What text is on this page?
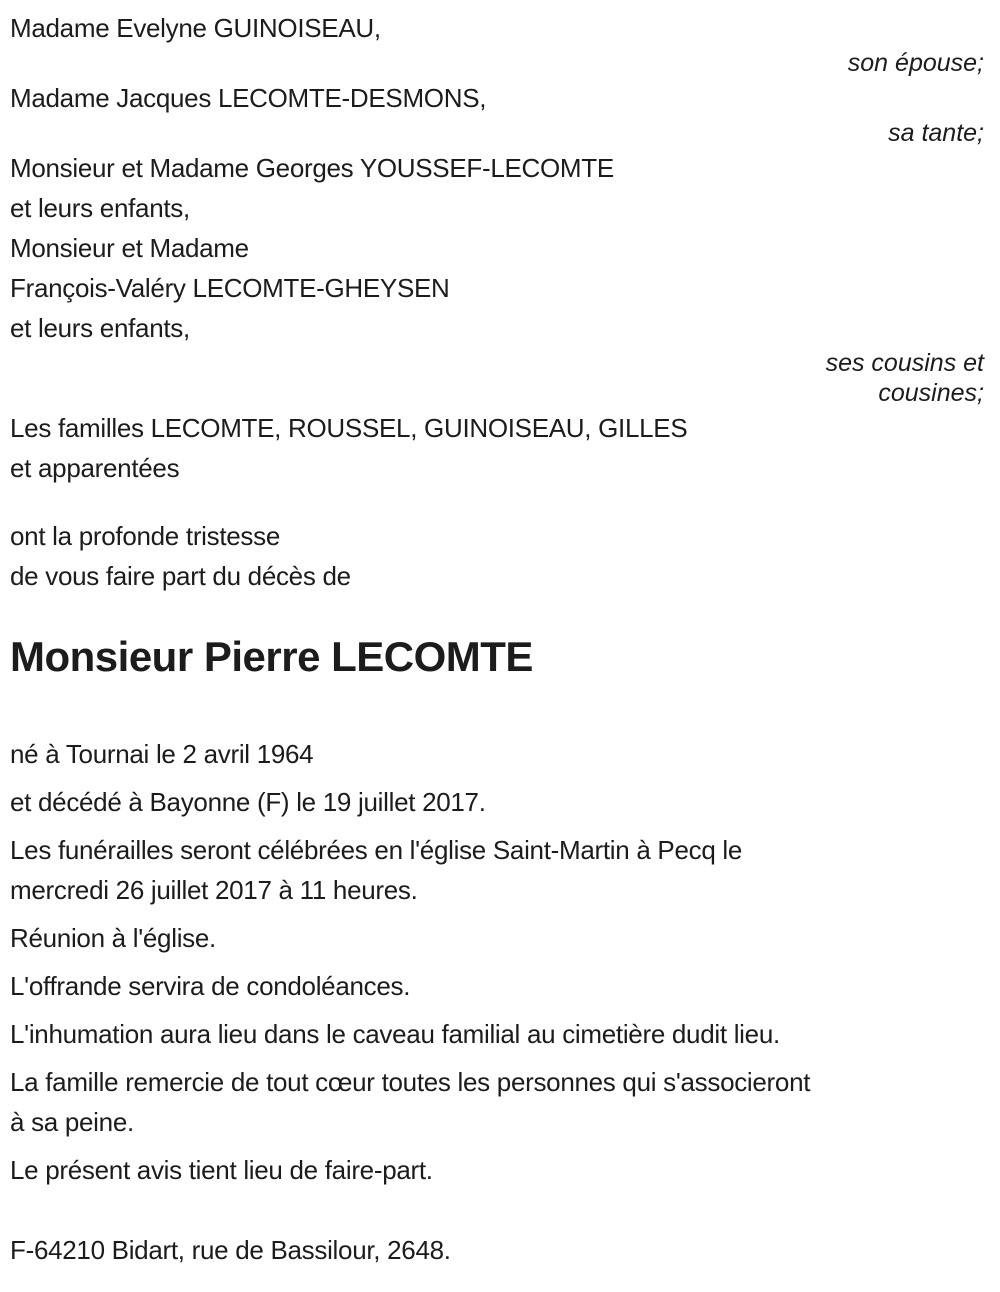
Madame Evelyne GUINOISEAU,

son épouse;

Madame Jacques LECOMTE-DESMONS,

sa tante;

Monsieur et Madame Georges YOUSSEF-LECOMTE

et leurs enfants,

Monsieur et Madame

François-Valéry LECOMTE-GHEYSEN

et leurs enfants,

ses cousins et

cousines;

Les familles LECOMTE, ROUSSEL, GUINOISEAU, GILLES

et apparentées

ont la profonde tristesse

de vous faire part du décès de

Monsieur Pierre LECOMTE

né à Tournai le 2 avril 1964

et décédé à Bayonne (F) le 19 juillet 2017.

Les funérailles seront célébrées en l'église Saint-Martin à Pecq le
mercredi 26 juillet 2017 à 11 heures.

Réunion à l'église.

L'offrande servira de condoléances.

L'inhumation aura lieu dans le caveau familial au cimetière dudit lieu.

La famille remercie de tout cœur toutes les personnes qui s'associeront
à sa peine.

Le présent avis tient lieu de faire-part.

F-64210 Bidart, rue de Bassilour, 2648.
